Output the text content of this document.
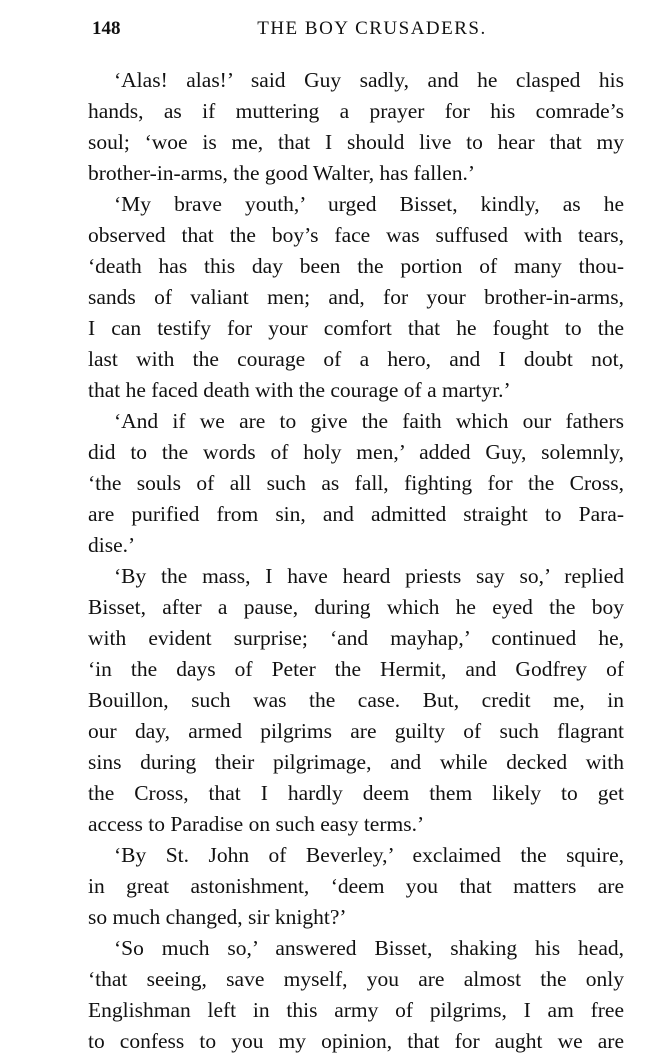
148	THE BOY CRUSADERS.
‘Alas! alas!’ said Guy sadly, and he clasped his
hands, as if muttering a prayer for his comrade’s
soul; ‘woe is me, that I should live to hear that my
brother-in-arms, the good Walter, has fallen.’
‘My brave youth,’ urged Bisset, kindly, as he
observed that the boy’s face was suffused with tears,
‘death has this day been the portion of many thou-
sands of valiant men; and, for your brother-in-arms,
I can testify for your comfort that he fought to the
last with the courage of a hero, and I doubt not,
that he faced death with the courage of a martyr.’
‘And if we are to give the faith which our fathers
did to the words of holy men,’ added Guy, solemnly,
‘the souls of all such as fall, fighting for the Cross,
are purified from sin, and admitted straight to Para-
dise.’
‘By the mass, I have heard priests say so,’ replied
Bisset, after a pause, during which he eyed the boy
with evident surprise; ‘and mayhap,’ continued he,
‘in the days of Peter the Hermit, and Godfrey of
Bouillon, such was the case. But, credit me, in
our day, armed pilgrims are guilty of such flagrant
sins during their pilgrimage, and while decked with
the Cross, that I hardly deem them likely to get
access to Paradise on such easy terms.’
‘By St. John of Beverley,’ exclaimed the squire,
in great astonishment, ‘deem you that matters are
so much changed, sir knight?’
‘So much so,’ answered Bisset, shaking his head,
‘that seeing, save myself, you are almost the only
Englishman left in this army of pilgrims, I am free
to confess to you my opinion, that for aught we are
